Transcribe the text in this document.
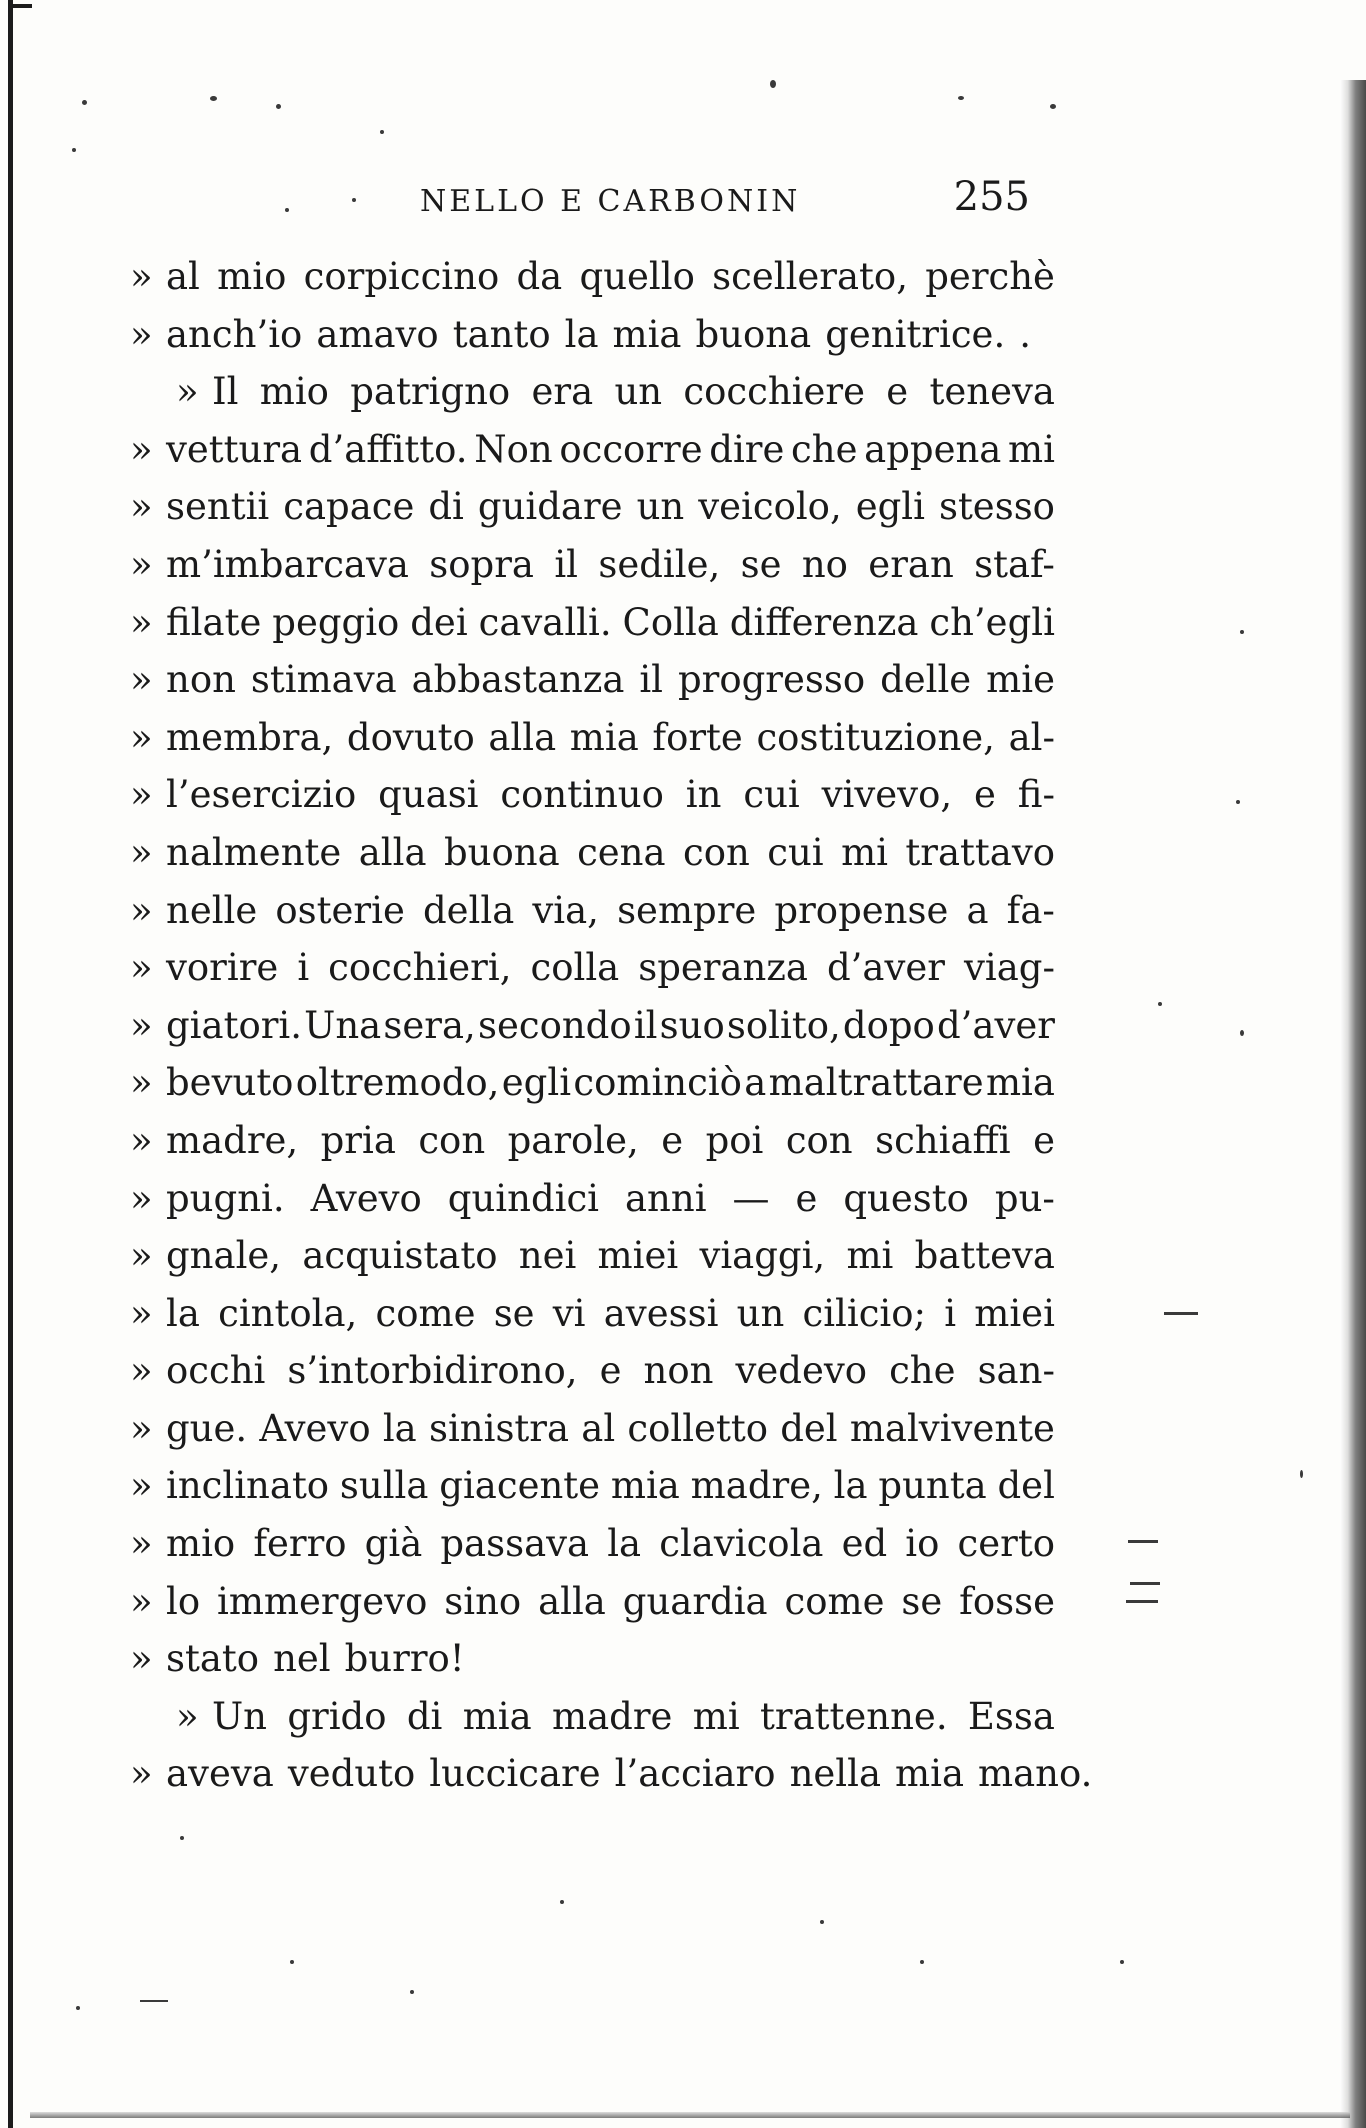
NELLO E CARBONIN	255
» al mio corpiccino da quello scellerato, perchè
» anch’io amavo tanto la mia buona genitrice. .
» Il mio patrigno era un cocchiere e teneva
» vettura d’affitto. Non occorre dire che appena mi
» sentii capace di guidare un veicolo, egli stesso
» m’imbarcava sopra il sedile, se no eran staf-
» filate peggio dei cavalli. Colla differenza ch’egli
» non stimava abbastanza il progresso delle mie
» membra, dovuto alla mia forte costituzione, al-
» l’esercizio quasi continuo in cui vivevo, e fi-
» nalmente alla buona cena con cui mi trattavo
» nelle osterie della via, sempre propense a fa-
» vorire i cocchieri, colla speranza d’aver viag-
» giatori. Una sera, secondo il suo solito, dopo d’aver
» bevuto oltremodo, egli cominciò a maltrattare mia
» madre, pria con parole, e poi con schiaffi e
» pugni. Avevo quindici anni — e questo pu-
» gnale, acquistato nei miei viaggi, mi batteva
» la cintola, come se vi avessi un cilicio; i miei
» occhi s’intorbidirono, e non vedevo che san-
» gue. Avevo la sinistra al colletto del malvivente
» inclinato sulla giacente mia madre, la punta del
» mio ferro già passava la clavicola ed io certo
» lo immergevo sino alla guardia come se fosse
» stato nel burro!
» Un grido di mia madre mi trattenne. Essa
» aveva veduto luccicare l’acciaro nella mia mano.
